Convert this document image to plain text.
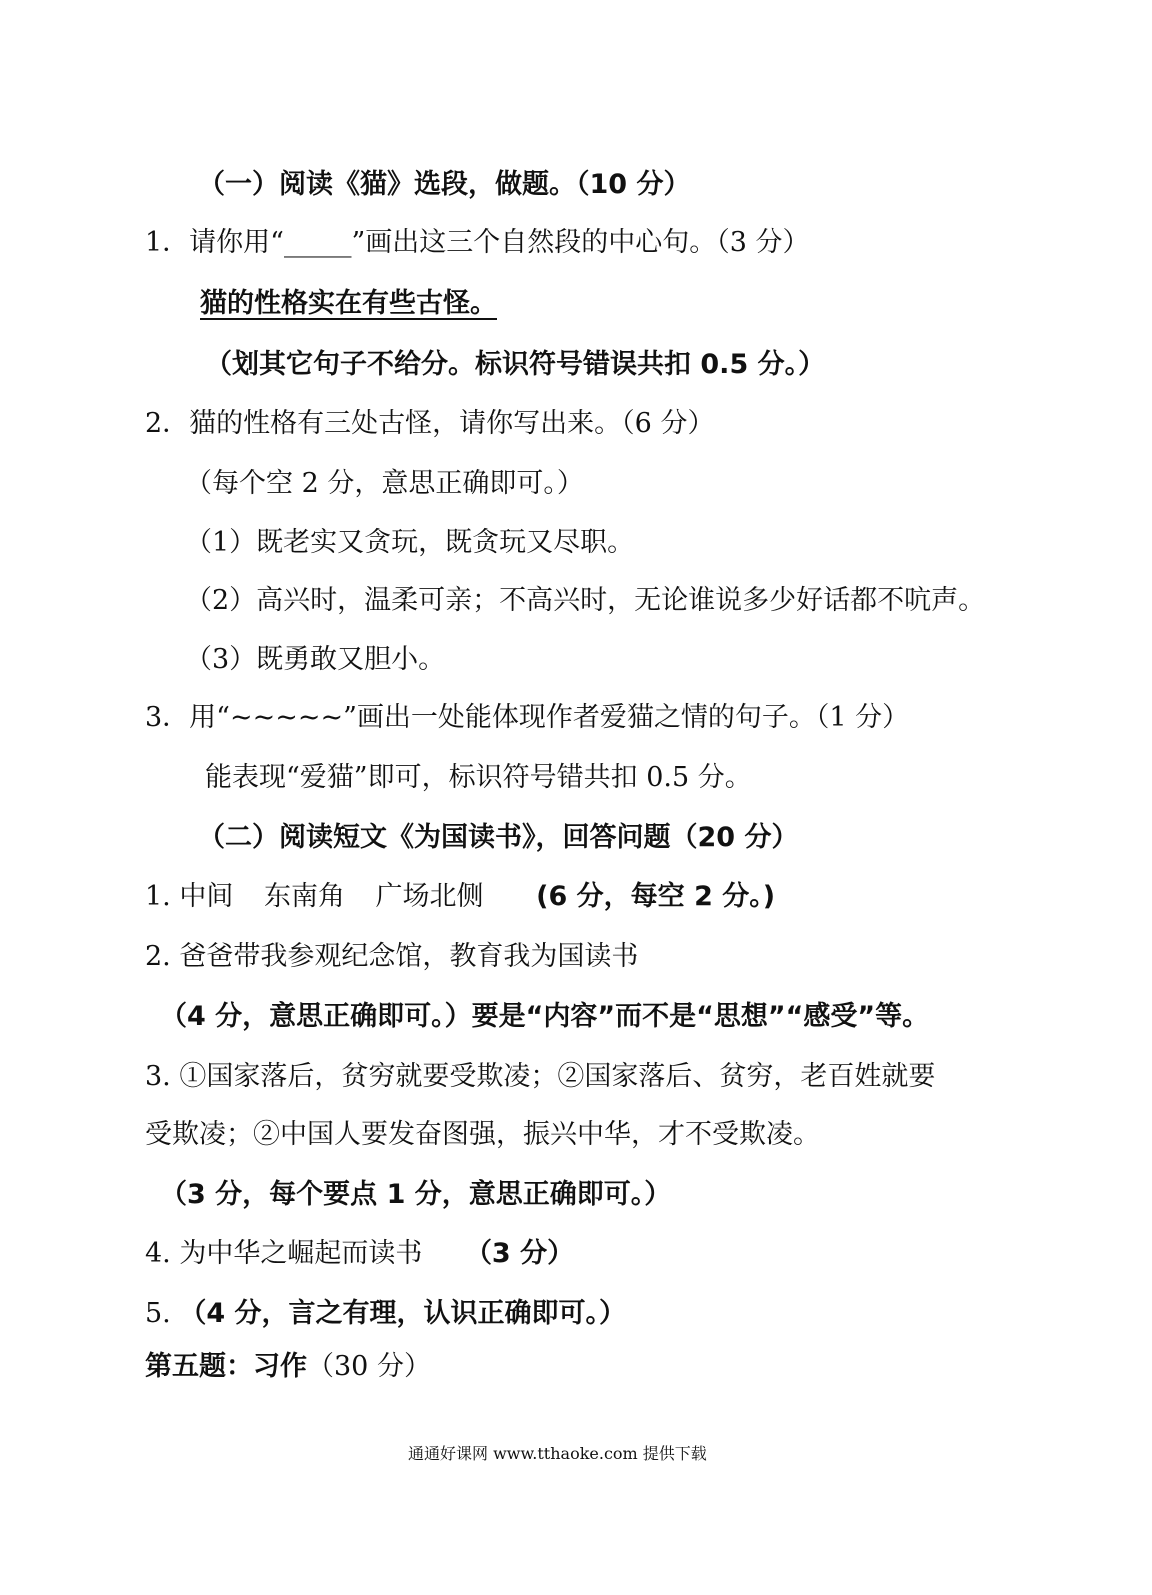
（一）阅读《猫》选段，做题。（10 分）
1．请你用“_____”画出这三个自然段的中心句。（3 分）
猫的性格实在有些古怪。
（划其它句子不给分。标识符号错误共扣 0.5 分。）
2．猫的性格有三处古怪，请你写出来。（6 分）
（每个空 2 分，意思正确即可。）
（1）既老实又贪玩，既贪玩又尽职。
（2）高兴时，温柔可亲；不高兴时，无论谁说多少好话都不吭声。
（3）既勇敢又胆小。
3．用“~~~~~”画出一处能体现作者爱猫之情的句子。（1 分）
能表现“爱猫”即可，标识符号错共扣 0.5 分。
（二）阅读短文《为国读书》，回答问题（20 分）
1. 中间 东南角 广场北侧 (6 分，每空 2 分。)
2. 爸爸带我参观纪念馆，教育我为国读书
（4 分，意思正确即可。）要是“内容”而不是“思想”“感受”等。
3. ①国家落后，贫穷就要受欺凌；②国家落后、贫穷，老百姓就要
受欺凌；②中国人要发奋图强，振兴中华，才不受欺凌。
（3 分，每个要点 1 分，意思正确即可。）
4. 为中华之崛起而读书 （3 分）
5. （4 分，言之有理，认识正确即可。）
第五题：习作（30 分）
通通好课网 www.tthaoke.com 提供下载
